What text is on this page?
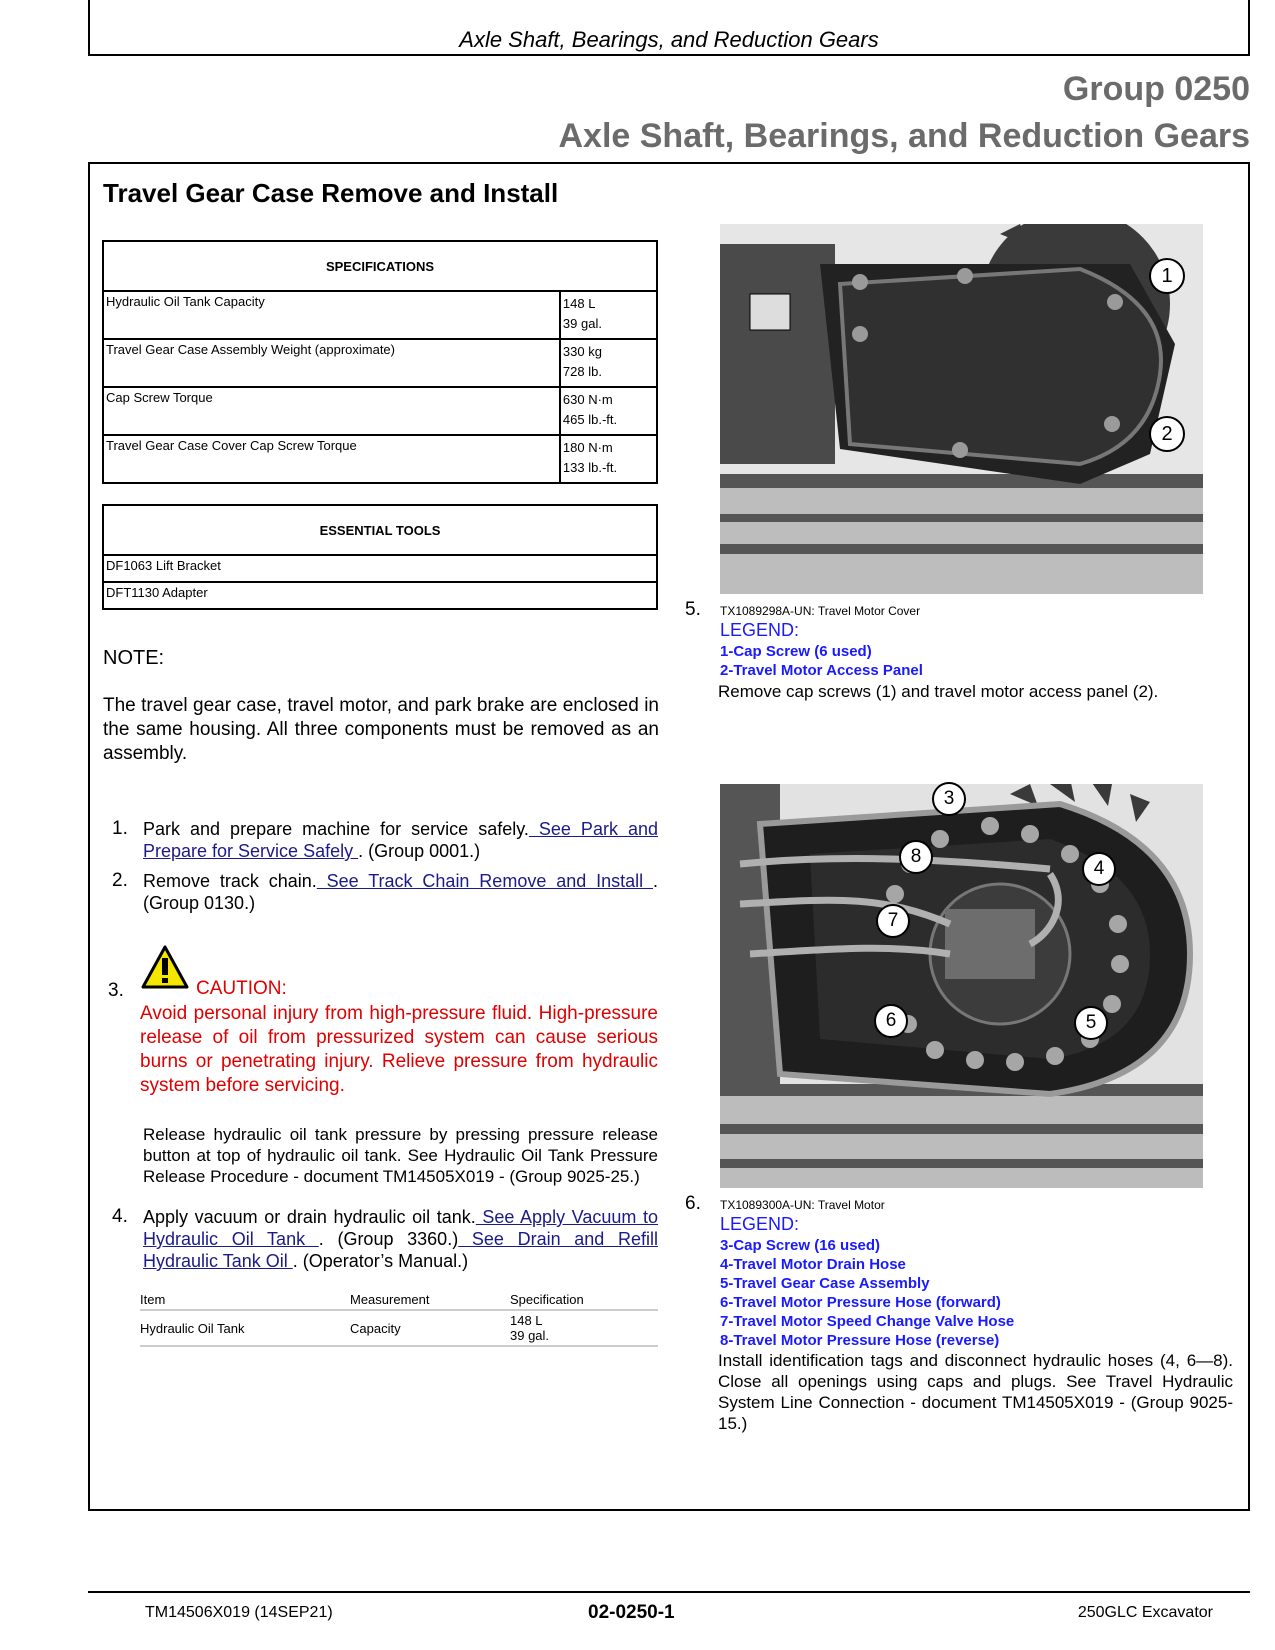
Axle Shaft, Bearings, and Reduction Gears
Group 0250
Axle Shaft, Bearings, and Reduction Gears
Travel Gear Case Remove and Install
SPECIFICATIONS	
Hydraulic Oil Tank Capacity	148 L
39 gal.

Travel Gear Case Assembly Weight (approximate)	330 kg
728 lb.

Cap Screw Torque	630 N·m
465 lb.-ft.

Travel Gear Case Cover Cap Screw Torque	180 N·m
133 lb.-ft.
ESSENTIAL TOOLS
DF1063 Lift Bracket
DFT1130 Adapter
NOTE:
The travel gear case, travel motor, and park brake are enclosed in the same housing. All three components must be removed as an assembly.
1. Park and prepare machine for service safely. See Park and Prepare for Service Safely . (Group 0001.)
2. Remove track chain. See Track Chain Remove and Install . (Group 0130.)
3.	CAUTION:
Avoid personal injury from high-pressure fluid. High-pressure release of oil from pressurized system can cause serious burns or penetrating injury. Relieve pressure from hydraulic system before servicing.
Release hydraulic oil tank pressure by pressing pressure release button at top of hydraulic oil tank. See Hydraulic Oil Tank Pressure Release Procedure - document TM14505X019 - (Group 9025-25.)
4. Apply vacuum or drain hydraulic oil tank. See Apply Vacuum to Hydraulic Oil Tank . (Group 3360.) See Drain and Refill Hydraulic Tank Oil . (Operator’s Manual.)
Item	Measurement	Specification
Hydraulic Oil Tank	Capacity	148 L
39 gal.
1
2
5. TX1089298A-UN: Travel Motor Cover
LEGEND:
1-Cap Screw (6 used)
2-Travel Motor Access Panel
Remove cap screws (1) and travel motor access panel (2).
3
4
5
6
7
8
6. TX1089300A-UN: Travel Motor
LEGEND:
3-Cap Screw (16 used)
4-Travel Motor Drain Hose
5-Travel Gear Case Assembly
6-Travel Motor Pressure Hose (forward)
7-Travel Motor Speed Change Valve Hose
8-Travel Motor Pressure Hose (reverse)
Install identification tags and disconnect hydraulic hoses (4, 6—8). Close all openings using caps and plugs. See Travel Hydraulic System Line Connection - document TM14505X019 - (Group 9025-15.)
TM14506X019 (14SEP21)	02-0250-1	250GLC Excavator
